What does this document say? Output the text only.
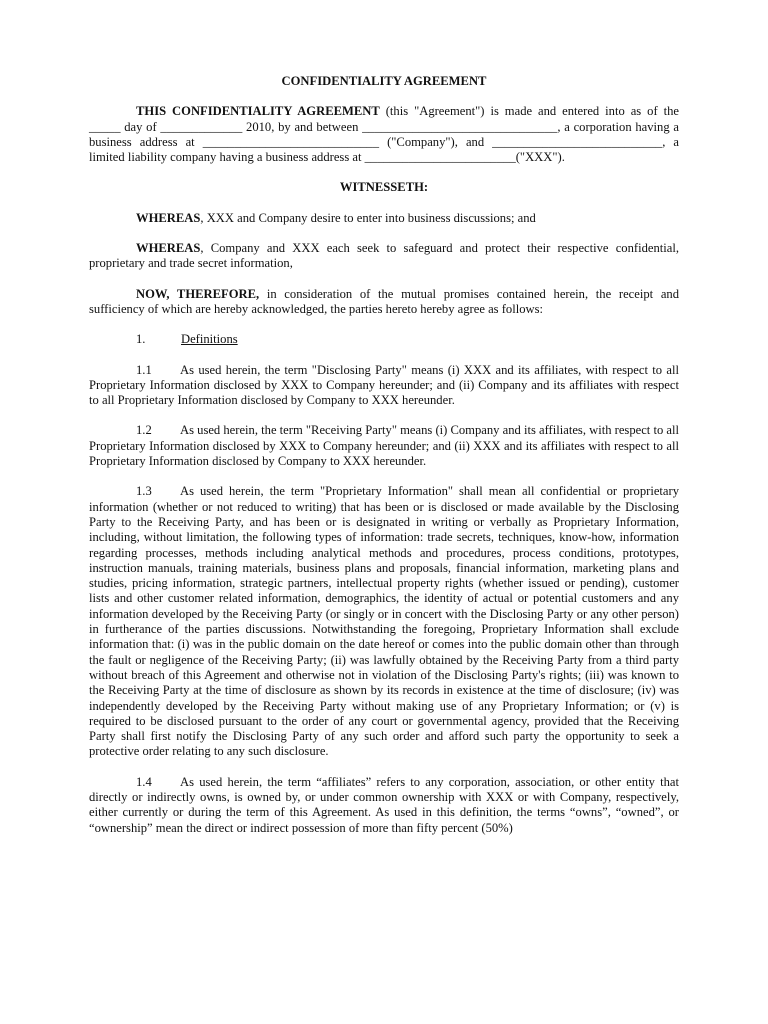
CONFIDENTIALITY AGREEMENT

THIS CONFIDENTIALITY AGREEMENT (this "Agreement") is made and entered into as of the _____ day of _____________ 2010, by and between _______________________________, a corporation having a business address at ____________________________ ("Company"), and ___________________________, a limited liability company having a business address at ________________________("XXX").

WITNESSETH:

WHEREAS, XXX and Company desire to enter into business discussions; and

WHEREAS, Company and XXX each seek to safeguard and protect their respective confidential, proprietary and trade secret information,

NOW, THEREFORE, in consideration of the mutual promises contained herein, the receipt and sufficiency of which are hereby acknowledged, the parties hereto hereby agree as follows:

1.	Definitions

1.1 As used herein, the term "Disclosing Party" means (i) XXX and its affiliates, with respect to all Proprietary Information disclosed by XXX to Company hereunder; and (ii) Company and its affiliates with respect to all Proprietary Information disclosed by Company to XXX hereunder.

1.2 As used herein, the term "Receiving Party" means (i) Company and its affiliates, with respect to all Proprietary Information disclosed by XXX to Company hereunder; and (ii) XXX and its affiliates with respect to all Proprietary Information disclosed by Company to XXX hereunder.

1.3 As used herein, the term "Proprietary Information" shall mean all confidential or proprietary information (whether or not reduced to writing) that has been or is disclosed or made available by the Disclosing Party to the Receiving Party, and has been or is designated in writing or verbally as Proprietary Information, including, without limitation, the following types of information: trade secrets, techniques, know-how, information regarding processes, methods including analytical methods and procedures, process conditions, prototypes, instruction manuals, training materials, business plans and proposals, financial information, marketing plans and studies, pricing information, strategic partners, intellectual property rights (whether issued or pending), customer lists and other customer related information, demographics, the identity of actual or potential customers and any information developed by the Receiving Party (or singly or in concert with the Disclosing Party or any other person) in furtherance of the parties discussions. Notwithstanding the foregoing, Proprietary Information shall exclude information that: (i) was in the public domain on the date hereof or comes into the public domain other than through the fault or negligence of the Receiving Party; (ii) was lawfully obtained by the Receiving Party from a third party without breach of this Agreement and otherwise not in violation of the Disclosing Party's rights; (iii) was known to the Receiving Party at the time of disclosure as shown by its records in existence at the time of disclosure; (iv) was independently developed by the Receiving Party without making use of any Proprietary Information; or (v) is required to be disclosed pursuant to the order of any court or governmental agency, provided that the Receiving Party shall first notify the Disclosing Party of any such order and afford such party the opportunity to seek a protective order relating to any such disclosure.

1.4 As used herein, the term “affiliates” refers to any corporation, association, or other entity that directly or indirectly owns, is owned by, or under common ownership with XXX or with Company, respectively, either currently or during the term of this Agreement. As used in this definition, the terms “owns”, “owned”, or “ownership” mean the direct or indirect possession of more than fifty percent (50%)
